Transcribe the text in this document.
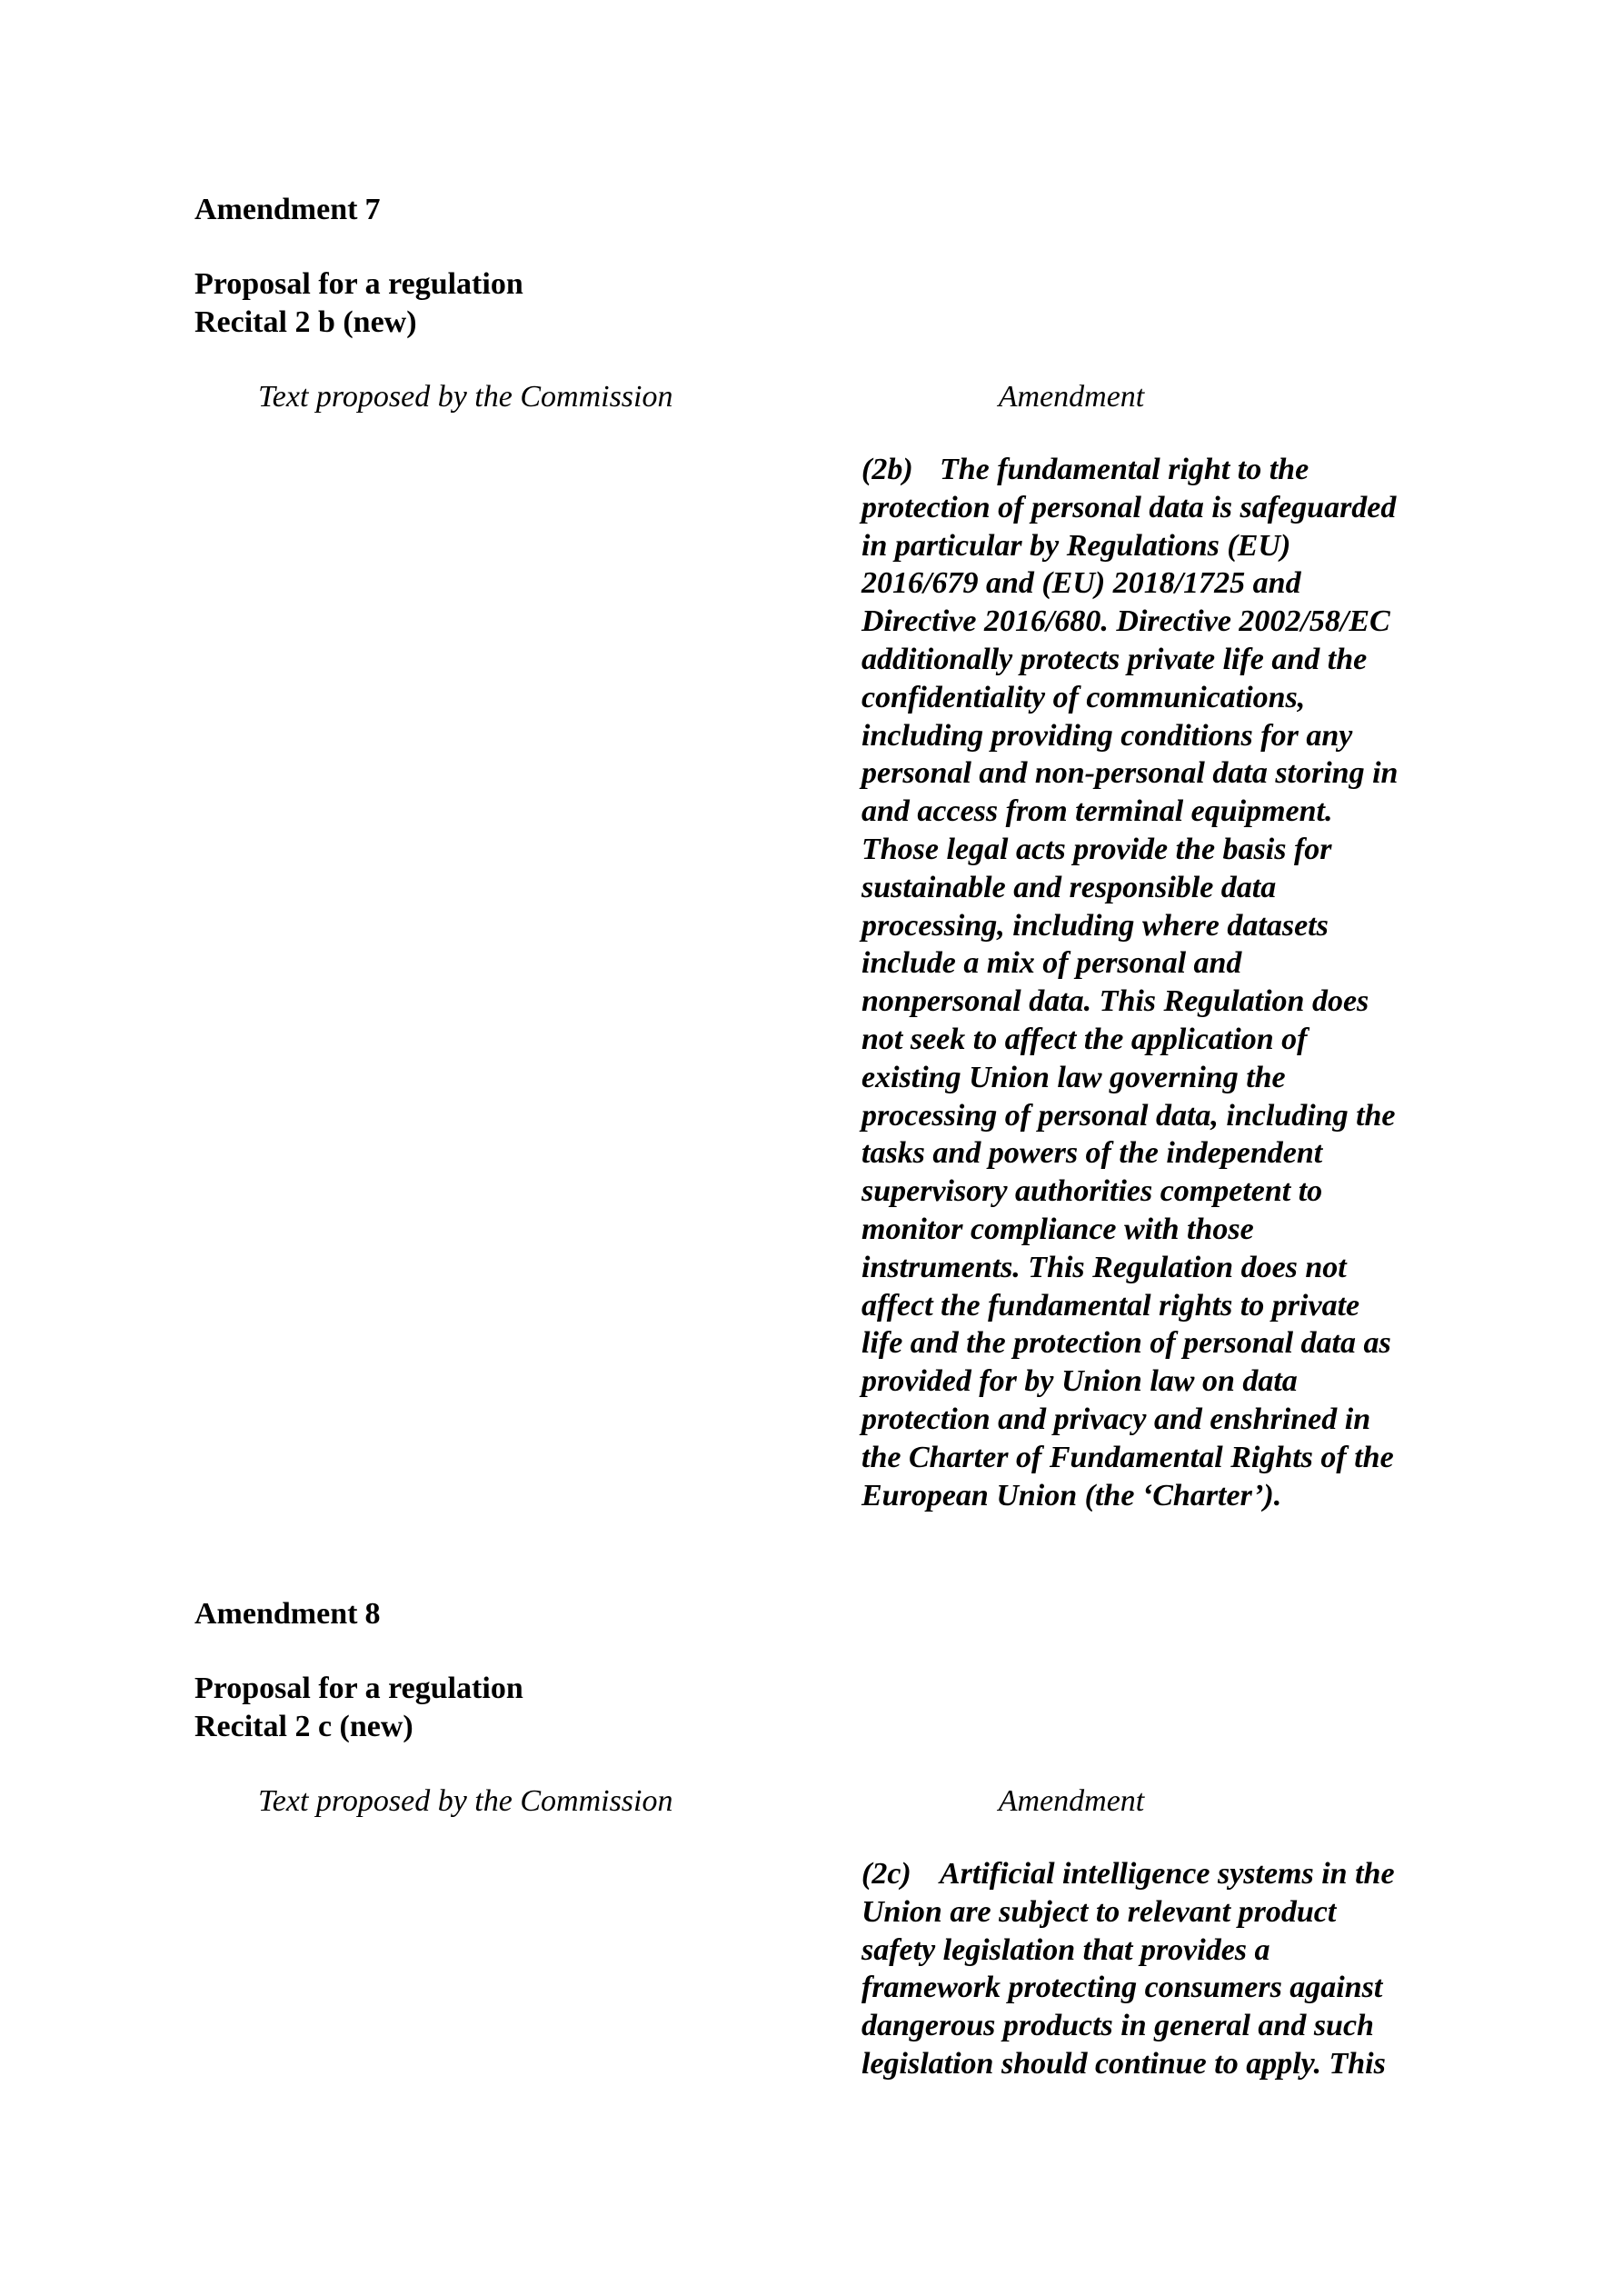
Amendment 7

Proposal for a regulation
Recital 2 b (new)
Text proposed by the Commission	Amendment
(2b) The fundamental right to the
protection of personal data is safeguarded
in particular by Regulations (EU)
2016/679 and (EU) 2018/1725 and
Directive 2016/680. Directive 2002/58/EC
additionally protects private life and the
confidentiality of communications,
including providing conditions for any
personal and non-personal data storing in
and access from terminal equipment.
Those legal acts provide the basis for
sustainable and responsible data
processing, including where datasets
include a mix of personal and
nonpersonal data. This Regulation does
not seek to affect the application of
existing Union law governing the
processing of personal data, including the
tasks and powers of the independent
supervisory authorities competent to
monitor compliance with those
instruments. This Regulation does not
affect the fundamental rights to private
life and the protection of personal data as
provided for by Union law on data
protection and privacy and enshrined in
the Charter of Fundamental Rights of the
European Union (the ‘Charter’).

Amendment 8

Proposal for a regulation
Recital 2 c (new)
Text proposed by the Commission	Amendment
(2c) Artificial intelligence systems in the
Union are subject to relevant product
safety legislation that provides a
framework protecting consumers against
dangerous products in general and such
legislation should continue to apply. This
